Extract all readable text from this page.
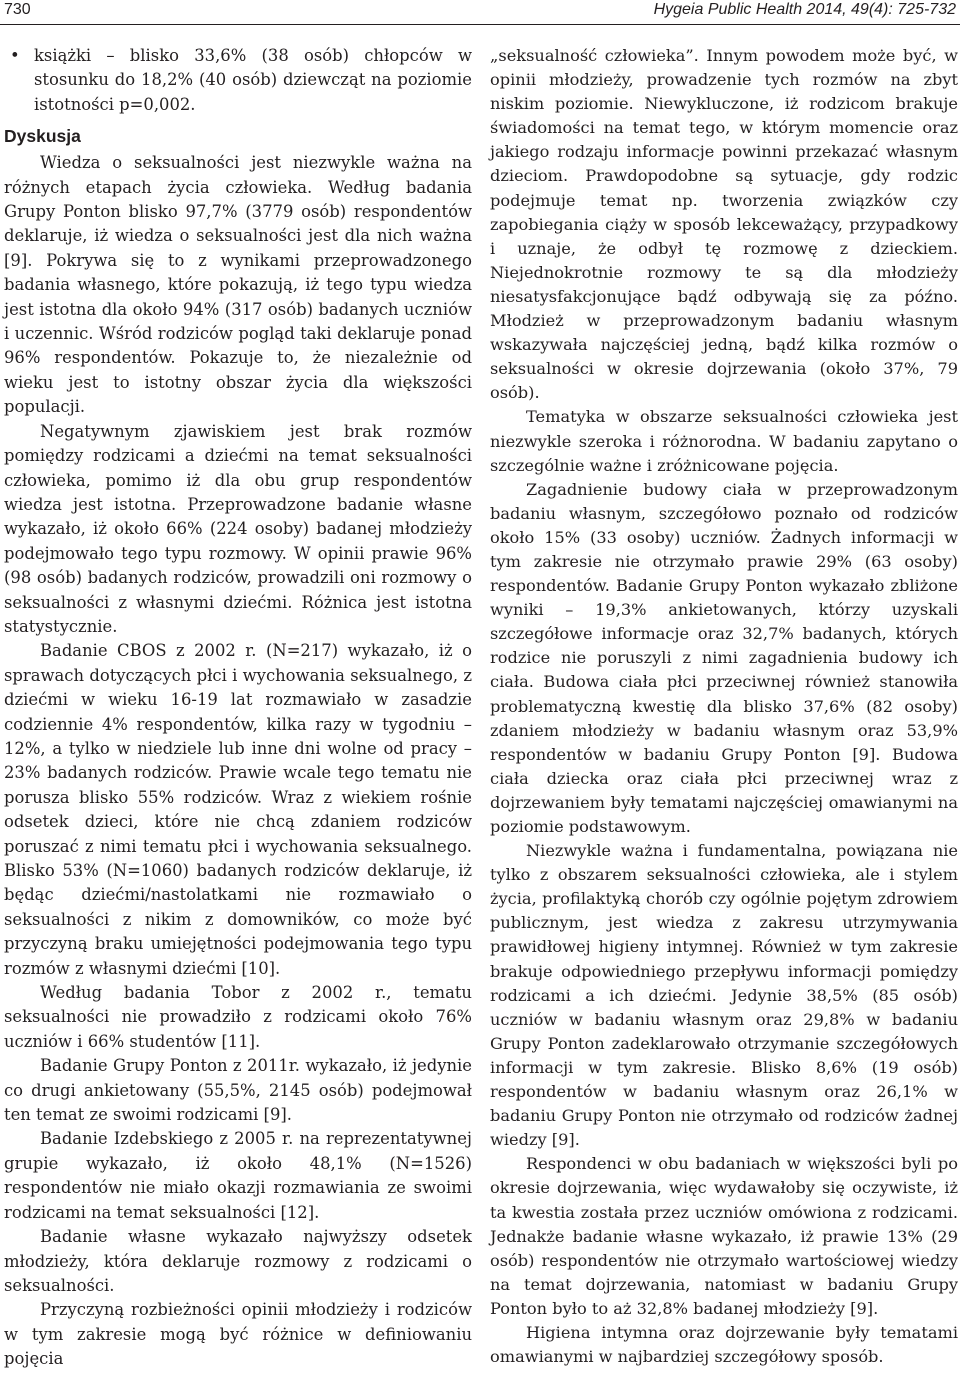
730	Hygeia Public Health 2014, 49(4): 725-732

• książki – blisko 33,6% (38 osób) chłopców w stosunku do 18,2% (40 osób) dziewcząt na poziomie istotności p=0,002.

Dyskusja

Wiedza o seksualności jest niezwykle ważna na różnych etapach życia człowieka. Według badania Grupy Ponton blisko 97,7% (3779 osób) respondentów deklaruje, iż wiedza o seksualności jest dla nich ważna [9]. Pokrywa się to z wynikami przeprowadzonego badania własnego, które pokazują, iż tego typu wiedza jest istotna dla około 94% (317 osób) badanych uczniów i uczennic. Wśród rodziców pogląd taki deklaruje ponad 96% respondentów. Pokazuje to, że niezależnie od wieku jest to istotny obszar życia dla większości populacji.

Negatywnym zjawiskiem jest brak rozmów pomiędzy rodzicami a dziećmi na temat seksualności człowieka, pomimo iż dla obu grup respondentów wiedza jest istotna. Przeprowadzone badanie własne wykazało, iż około 66% (224 osoby) badanej młodzieży podejmowało tego typu rozmowy. W opinii prawie 96% (98 osób) badanych rodziców, prowadzili oni rozmowy o seksualności z własnymi dziećmi. Różnica jest istotna statystycznie.

Badanie CBOS z 2002 r. (N=217) wykazało, iż o sprawach dotyczących płci i wychowania seksualnego, z dziećmi w wieku 16-19 lat rozmawiało w zasadzie codziennie 4% respondentów, kilka razy w tygodniu – 12%, a tylko w niedziele lub inne dni wolne od pracy – 23% badanych rodziców. Prawie wcale tego tematu nie porusza blisko 55% rodziców. Wraz z wiekiem rośnie odsetek dzieci, które nie chcą zdaniem rodziców poruszać z nimi tematu płci i wychowania seksualnego. Blisko 53% (N=1060) badanych rodziców deklaruje, iż będąc dziećmi/nastolatkami nie rozmawiało o seksualności z nikim z domowników, co może być przyczyną braku umiejętności podejmowania tego typu rozmów z własnymi dziećmi [10].

Według badania Tobor z 2002 r., tematu seksualności nie prowadziło z rodzicami około 76% uczniów i 66% studentów [11].

Badanie Grupy Ponton z 2011r. wykazało, iż jedynie co drugi ankietowany (55,5%, 2145 osób) podejmował ten temat ze swoimi rodzicami [9].

Badanie Izdebskiego z 2005 r. na reprezentatywnej grupie wykazało, iż około 48,1% (N=1526) respondentów nie miało okazji rozmawiania ze swoimi rodzicami na temat seksualności [12].

Badanie własne wykazało najwyższy odsetek młodzieży, która deklaruje rozmowy z rodzicami o seksualności.

Przyczyną rozbieżności opinii młodzieży i rodziców w tym zakresie mogą być różnice w definiowaniu pojęcia

„seksualność człowieka”. Innym powodem może być, w opinii młodzieży, prowadzenie tych rozmów na zbyt niskim poziomie. Niewykluczone, iż rodzicom brakuje świadomości na temat tego, w którym momencie oraz jakiego rodzaju informacje powinni przekazać własnym dzieciom. Prawdopodobne są sytuacje, gdy rodzic podejmuje temat np. tworzenia związków czy zapobiegania ciąży w sposób lekceważący, przypadkowy i uznaje, że odbył tę rozmowę z dzieckiem. Niejednokrotnie rozmowy te są dla młodzieży niesatysfakcjonujące bądź odbywają się za późno. Młodzież w przeprowadzonym badaniu własnym wskazywała najczęściej jedną, bądź kilka rozmów o seksualności w okresie dojrzewania (około 37%, 79 osób).

Tematyka w obszarze seksualności człowieka jest niezwykle szeroka i różnorodna. W badaniu zapytano o szczególnie ważne i zróżnicowane pojęcia.

Zagadnienie budowy ciała w przeprowadzonym badaniu własnym, szczegółowo poznało od rodziców około 15% (33 osoby) uczniów. Żadnych informacji w tym zakresie nie otrzymało prawie 29% (63 osoby) respondentów. Badanie Grupy Ponton wykazało zbliżone wyniki – 19,3% ankietowanych, którzy uzyskali szczegółowe informacje oraz 32,7% badanych, których rodzice nie poruszyli z nimi zagadnienia budowy ich ciała. Budowa ciała płci przeciwnej również stanowiła problematyczną kwestię dla blisko 37,6% (82 osoby) zdaniem młodzieży w badaniu własnym oraz 53,9% respondentów w badaniu Grupy Ponton [9]. Budowa ciała dziecka oraz ciała płci przeciwnej wraz z dojrzewaniem były tematami najczęściej omawianymi na poziomie podstawowym.

Niezwykle ważna i fundamentalna, powiązana nie tylko z obszarem seksualności człowieka, ale i stylem życia, profilaktyką chorób czy ogólnie pojętym zdrowiem publicznym, jest wiedza z zakresu utrzymywania prawidłowej higieny intymnej. Również w tym zakresie brakuje odpowiedniego przepływu informacji pomiędzy rodzicami a ich dziećmi. Jedynie 38,5% (85 osób) uczniów w badaniu własnym oraz 29,8% w badaniu Grupy Ponton zadeklarowało otrzymanie szczegółowych informacji w tym zakresie. Blisko 8,6% (19 osób) respondentów w badaniu własnym oraz 26,1% w badaniu Grupy Ponton nie otrzymało od rodziców żadnej wiedzy [9].

Respondenci w obu badaniach w większości byli po okresie dojrzewania, więc wydawałoby się oczywiste, iż ta kwestia została przez uczniów omówiona z rodzicami. Jednakże badanie własne wykazało, iż prawie 13% (29 osób) respondentów nie otrzymało wartościowej wiedzy na temat dojrzewania, natomiast w badaniu Grupy Ponton było to aż 32,8% badanej młodzieży [9].

Higiena intymna oraz dojrzewanie były tematami omawianymi w najbardziej szczegółowy sposób.
